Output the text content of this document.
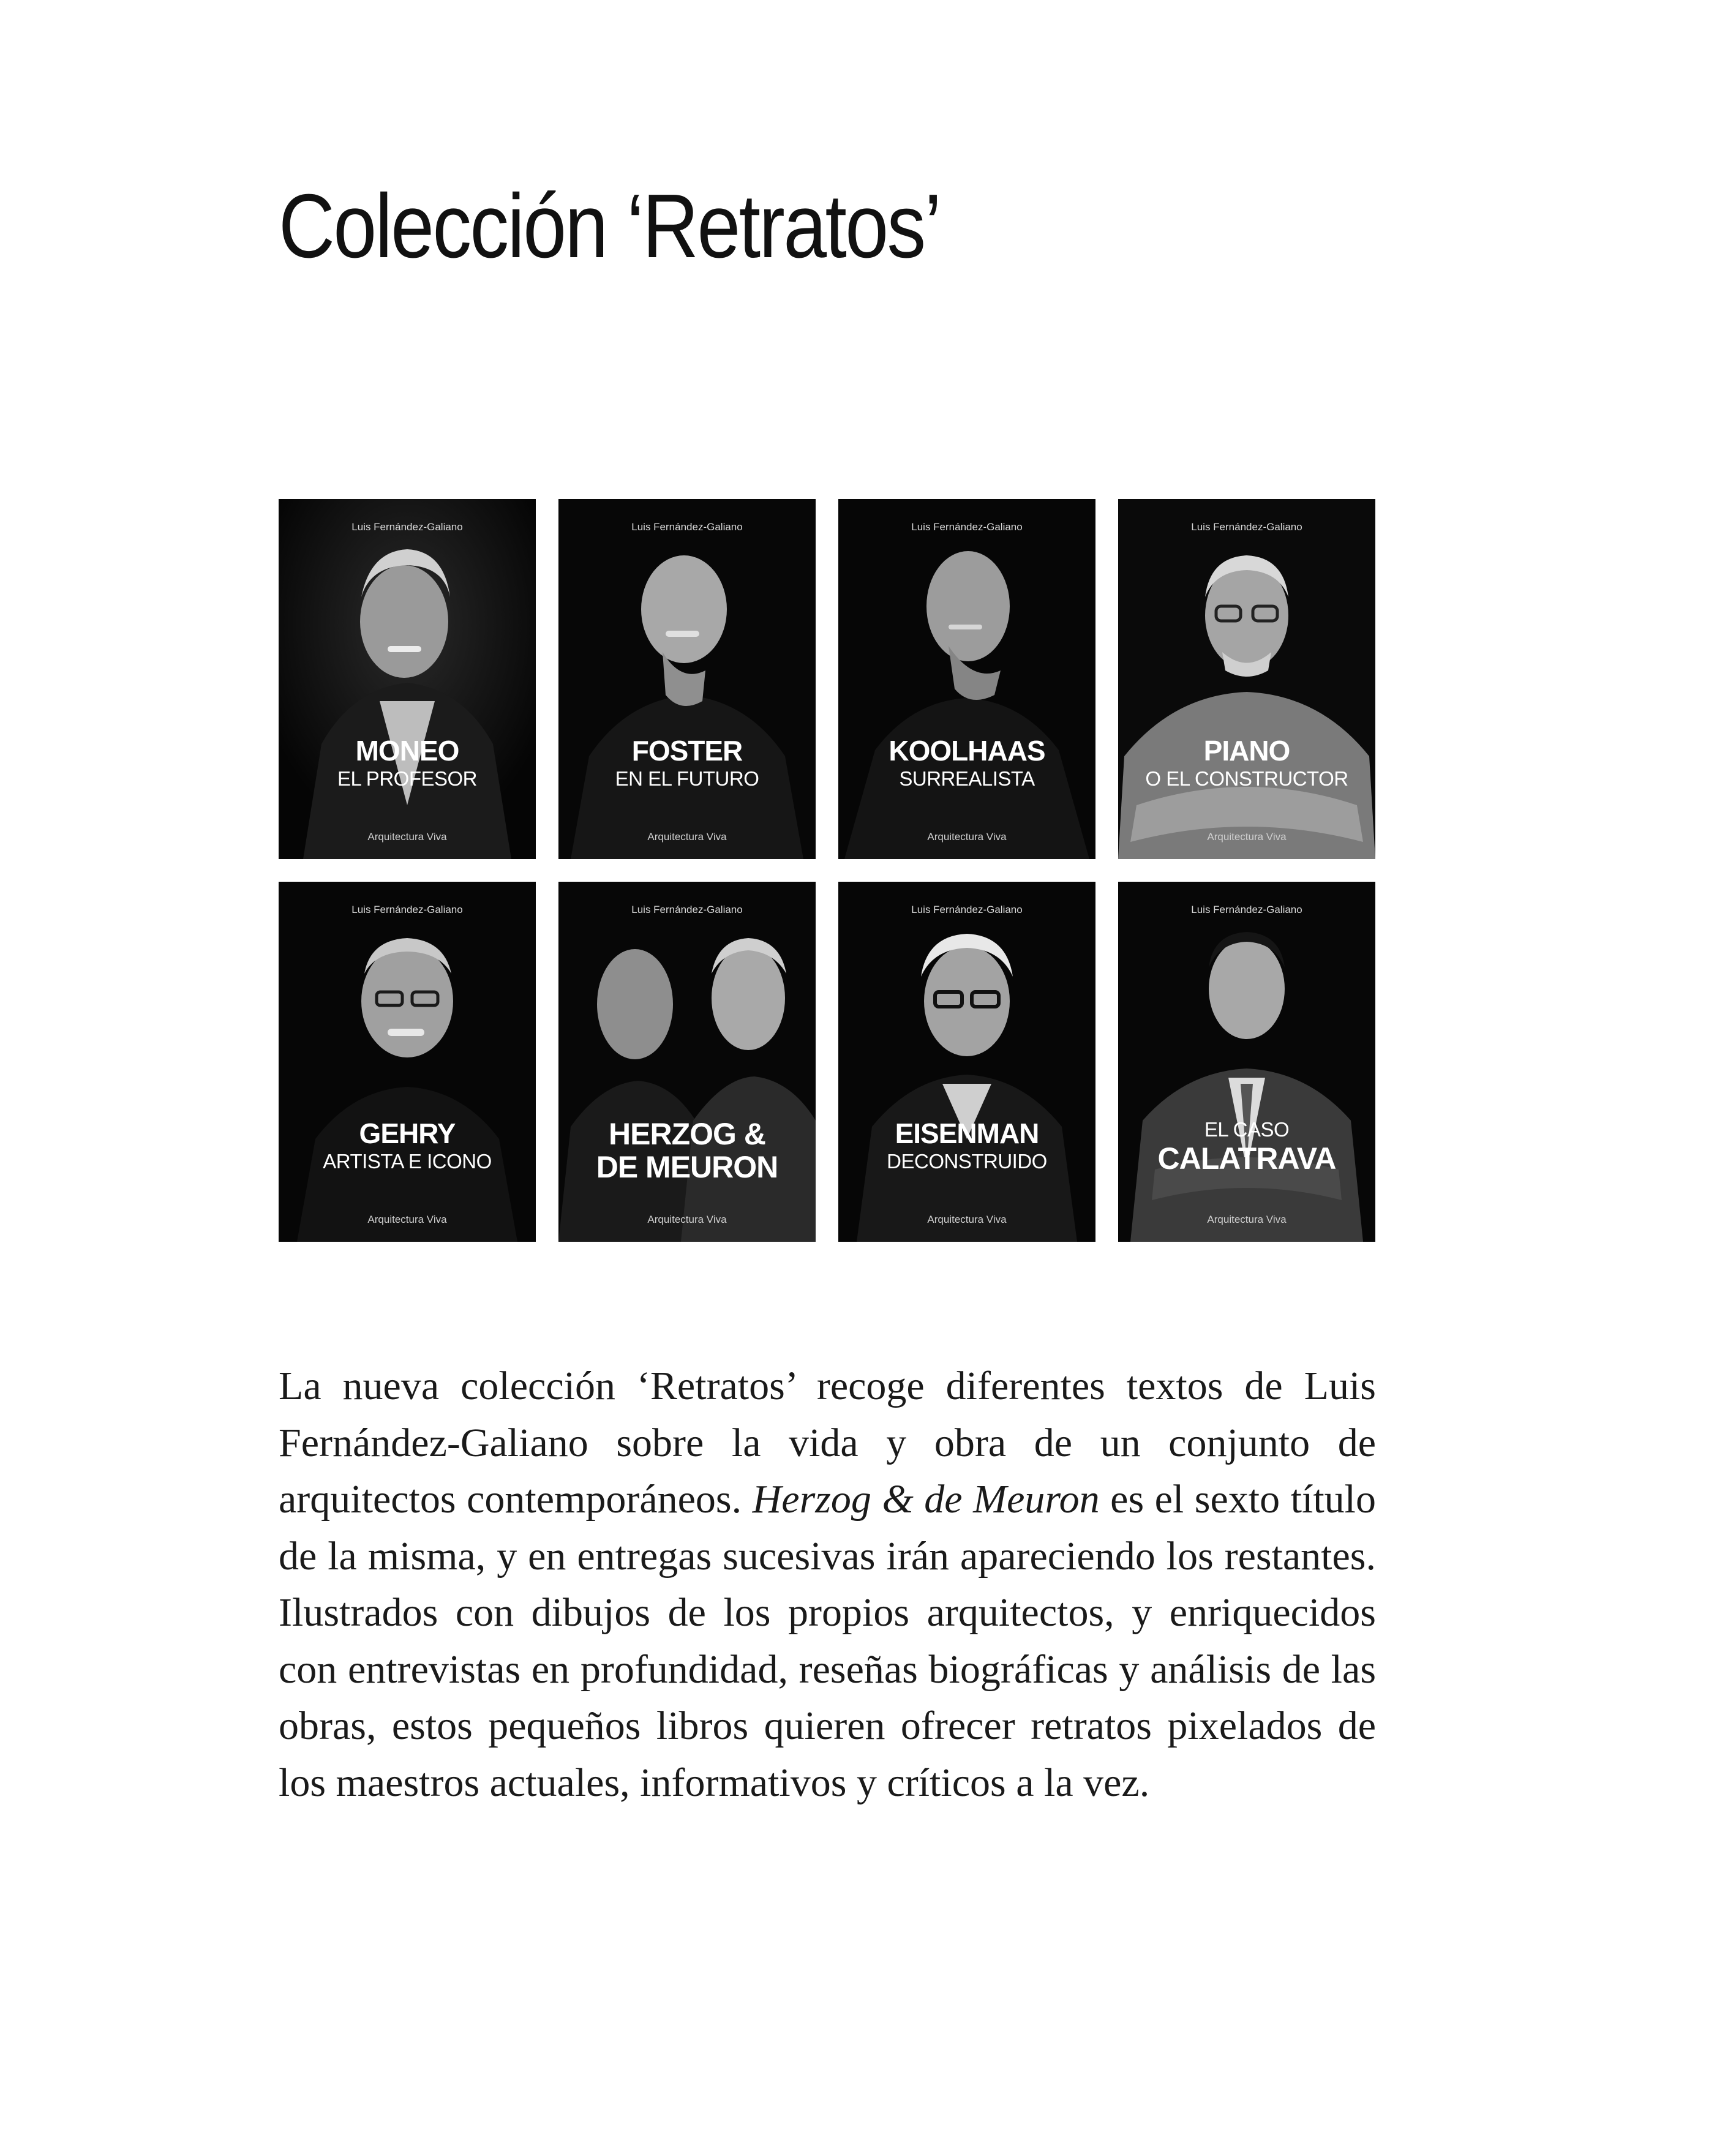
Colección ‘Retratos’
Luis Fernández-Galiano
MONEO
EL PROFESOR
Arquitectura Viva
Luis Fernández-Galiano
FOSTER
EN EL FUTURO
Arquitectura Viva
Luis Fernández-Galiano
KOOLHAAS
SURREALISTA
Arquitectura Viva
Luis Fernández-Galiano
PIANO
O EL CONSTRUCTOR
Arquitectura Viva
Luis Fernández-Galiano
GEHRY
ARTISTA E ICONO
Arquitectura Viva
Luis Fernández-Galiano
HERZOG &
DE MEURON
Arquitectura Viva
Luis Fernández-Galiano
EISENMAN
DECONSTRUIDO
Arquitectura Viva
Luis Fernández-Galiano
EL CASO
CALATRAVA
Arquitectura Viva

La nueva colección ‘Retratos’ recoge diferentes textos de Luis Fernández-Galiano sobre la vida y obra de un conjunto de arquitectos contemporáneos. Herzog & de Meuron es el sexto título de la misma, y en entregas sucesivas irán apareciendo los restantes. Ilustrados con dibujos de los propios arquitectos, y enriquecidos con entrevistas en profundidad, reseñas biográficas y análisis de las obras, estos pequeños libros quieren ofrecer retratos pixelados de los maestros actuales, informativos y críticos a la vez.
